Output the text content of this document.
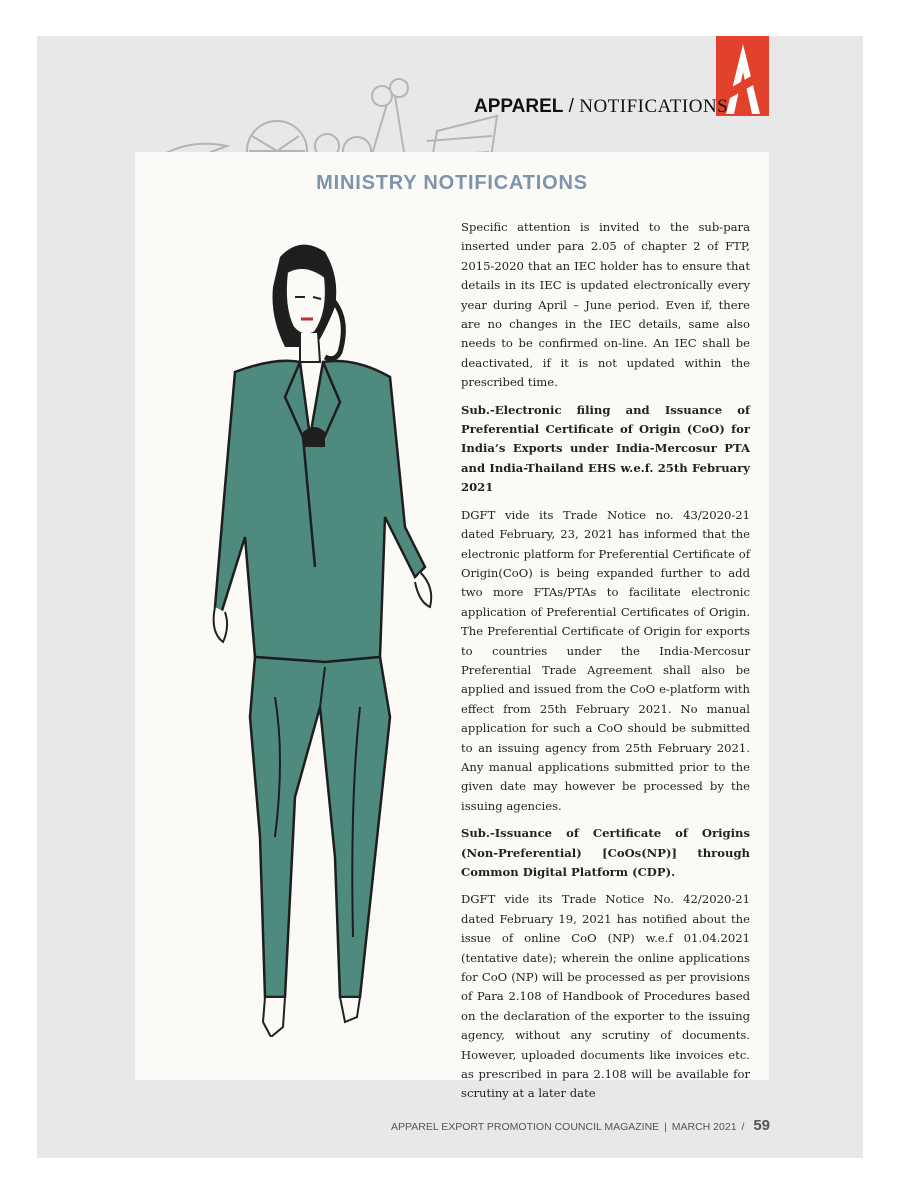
APPAREL / NOTIFICATIONS
MINISTRY NOTIFICATIONS

Specific attention is invited to the sub-para inserted under para 2.05 of chapter 2 of FTP, 2015-2020 that an IEC holder has to ensure that details in its IEC is updated electronically every year during April – June period. Even if, there are no changes in the IEC details, same also needs to be confirmed on-line. An IEC shall be deactivated, if it is not updated within the prescribed time.

Sub.-Electronic filing and Issuance of Preferential Certificate of Origin (CoO) for India’s Exports under India-Mercosur PTA and India-Thailand EHS w.e.f. 25th February 2021

DGFT vide its Trade Notice no. 43/2020-21 dated February, 23, 2021 has informed that the electronic platform for Preferential Certificate of Origin(CoO) is being expanded further to add two more FTAs/PTAs to facilitate electronic application of Preferential Certificates of Origin. The Preferential Certificate of Origin for exports to countries under the India-Mercosur Preferential Trade Agreement shall also be applied and issued from the CoO e-platform with effect from 25th February 2021. No manual application for such a CoO should be submitted to an issuing agency from 25th February 2021. Any manual applications submitted prior to the given date may however be processed by the issuing agencies.

Sub.-Issuance of Certificate of Origins (Non-Preferential) [CoOs(NP)] through Common Digital Platform (CDP).

DGFT vide its Trade Notice No. 42/2020-21 dated February 19, 2021 has notified about the issue of online CoO (NP) w.e.f 01.04.2021 (tentative date); wherein the online applications for CoO (NP) will be processed as per provisions of Para 2.108 of Handbook of Procedures based on the declaration of the exporter to the issuing agency, without any scrutiny of documents. However, uploaded documents like invoices etc. as prescribed in para 2.108 will be available for scrutiny at a later date

APPAREL EXPORT PROMOTION COUNCIL MAGAZINE | MARCH 2021 / 59
